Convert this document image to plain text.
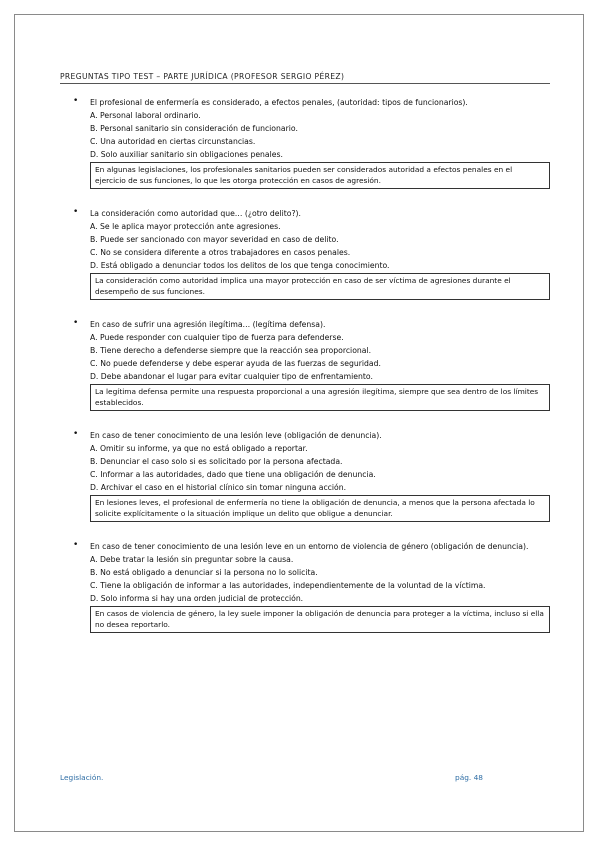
PREGUNTAS TIPO TEST – PARTE JURÍDICA (PROFESOR SERGIO PÉREZ)
• El profesional de enfermería es considerado, a efectos penales, (autoridad: tipos de funcionarios).
A. Personal laboral ordinario.
B. Personal sanitario sin consideración de funcionario.
C. Una autoridad en ciertas circunstancias.
D. Solo auxiliar sanitario sin obligaciones penales.
En algunas legislaciones, los profesionales sanitarios pueden ser considerados autoridad a efectos penales en el ejercicio de sus funciones, lo que les otorga protección en casos de agresión.
• La consideración como autoridad que… (¿otro delito?).
A. Se le aplica mayor protección ante agresiones.
B. Puede ser sancionado con mayor severidad en caso de delito.
C. No se considera diferente a otros trabajadores en casos penales.
D. Está obligado a denunciar todos los delitos de los que tenga conocimiento.
La consideración como autoridad implica una mayor protección en caso de ser víctima de agresiones durante el desempeño de sus funciones.
• En caso de sufrir una agresión ilegítima… (legítima defensa).
A. Puede responder con cualquier tipo de fuerza para defenderse.
B. Tiene derecho a defenderse siempre que la reacción sea proporcional.
C. No puede defenderse y debe esperar ayuda de las fuerzas de seguridad.
D. Debe abandonar el lugar para evitar cualquier tipo de enfrentamiento.
La legítima defensa permite una respuesta proporcional a una agresión ilegítima, siempre que sea dentro de los límites establecidos.
• En caso de tener conocimiento de una lesión leve (obligación de denuncia).
A. Omitir su informe, ya que no está obligado a reportar.
B. Denunciar el caso solo si es solicitado por la persona afectada.
C. Informar a las autoridades, dado que tiene una obligación de denuncia.
D. Archivar el caso en el historial clínico sin tomar ninguna acción.
En lesiones leves, el profesional de enfermería no tiene la obligación de denuncia, a menos que la persona afectada lo solicite explícitamente o la situación implique un delito que obligue a denunciar.
• En caso de tener conocimiento de una lesión leve en un entorno de violencia de género (obligación de denuncia).
A. Debe tratar la lesión sin preguntar sobre la causa.
B. No está obligado a denunciar si la persona no lo solicita.
C. Tiene la obligación de informar a las autoridades, independientemente de la voluntad de la víctima.
D. Solo informa si hay una orden judicial de protección.
En casos de violencia de género, la ley suele imponer la obligación de denuncia para proteger a la víctima, incluso si ella no desea reportarlo.
Legislación.	pág. 48
